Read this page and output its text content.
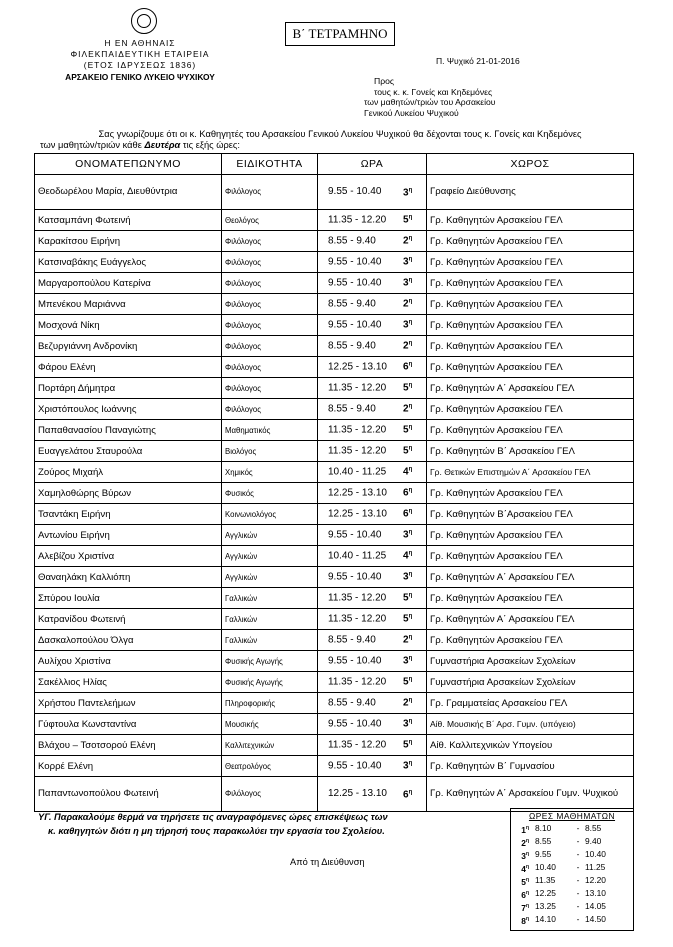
Η ΕΝ ΑΘΗΝΑΙΣ
ΦΙΛΕΚΠΑΙΔΕΥΤΙΚΗ ΕΤΑΙΡΕΙΑ
(ΕΤΟΣ ΙΔΡΥΣΕΩΣ 1836)
ΑΡΣΑΚΕΙΟ ΓΕΝΙΚΟ ΛΥΚΕΙΟ ΨΥΧΙΚΟΥ
Β΄ ΤΕΤΡΑΜΗΝΟ
Π. Ψυχικό 21-01-2016
Προς
τους κ. κ. Γονείς και Κηδεμόνες
των μαθητών/τριών του Αρσακείου
Γενικού Λυκείου Ψυχικού

Σας γνωρίζουμε ότι οι κ. Καθηγητές του Αρσακείου Γενικού Λυκείου Ψυχικού θα δέχονται τους κ. Γονείς και Κηδεμόνες

των μαθητών/τριών κάθε Δευτέρα τις εξής ώρες:

ΟΝΟΜΑΤΕΠΩΝΥΜΟ	ΕΙΔΙΚΟΤΗΤΑ	ΩΡΑ	ΧΩΡΟΣ
Θεοδωρέλου Μαρία, Διευθύντρια	Φιλόλογος	9.55 - 10.40 $3^\eta$	Γραφείο Διεύθυνσης
Κατσαμπάνη Φωτεινή	Θεολόγος	11.35 - 12.20 $5^\eta$	Γρ. Καθηγητών Αρσακείου ΓΕΛ
Καρακίτσου Ειρήνη	Φιλόλογος	8.55 - 9.40 $2^\eta$	Γρ. Καθηγητών Αρσακείου ΓΕΛ
Κατσιναβάκης Ευάγγελος	Φιλόλογος	9.55 - 10.40 $3^\eta$	Γρ. Καθηγητών Αρσακείου ΓΕΛ
Μαργαροπούλου Κατερίνα	Φιλόλογος	9.55 - 10.40 $3^\eta$	Γρ. Καθηγητών Αρσακείου ΓΕΛ
Μπενέκου Μαριάννα	Φιλόλογος	8.55 - 9.40 $2^\eta$	Γρ. Καθηγητών Αρσακείου ΓΕΛ
Μοσχονά Νίκη	Φιλόλογος	9.55 - 10.40 $3^\eta$	Γρ. Καθηγητών Αρσακείου ΓΕΛ
Βεζυργιάννη Ανδρονίκη	Φιλόλογος	8.55 - 9.40 $2^\eta$	Γρ. Καθηγητών Αρσακείου ΓΕΛ
Φάρου Ελένη	Φιλόλογος	12.25 - 13.10 $6^\eta$	Γρ. Καθηγητών Αρσακείου ΓΕΛ
Πορτάρη Δήμητρα	Φιλόλογος	11.35 - 12.20 $5^\eta$	Γρ. Καθηγητών Α΄ Αρσακείου ΓΕΛ
Χριστόπουλος Ιωάννης	Φιλόλογος	8.55 - 9.40 $2^\eta$	Γρ. Καθηγητών Αρσακείου ΓΕΛ
Παπαθανασίου Παναγιώτης	Μαθηματικός	11.35 - 12.20 $5^\eta$	Γρ. Καθηγητών Αρσακείου ΓΕΛ
Ευαγγελάτου Σταυρούλα	Βιολόγος	11.35 - 12.20 $5^\eta$	Γρ. Καθηγητών Β΄ Αρσακείου ΓΕΛ
Ζούρος Μιχαήλ	Χημικός	10.40 - 11.25 $4^\eta$	Γρ. Θετικών Επιστημών Α΄ Αρσακείου ΓΕΛ
Χαμηλοθώρης Βύρων	Φυσικός	12.25 - 13.10 $6^\eta$	Γρ. Καθηγητών Αρσακείου ΓΕΛ
Τσαντάκη Ειρήνη	Κοινωνιολόγος	12.25 - 13.10 $6^\eta$	Γρ. Καθηγητών Β΄Αρσακείου ΓΕΛ
Αντωνίου Ειρήνη	Αγγλικών	9.55 - 10.40 $3^\eta$	Γρ. Καθηγητών Αρσακείου ΓΕΛ
Αλεβίζου Χριστίνα	Αγγλικών	10.40 - 11.25 $4^\eta$	Γρ. Καθηγητών Αρσακείου ΓΕΛ
Θαναηλάκη Καλλιόπη	Αγγλικών	9.55 - 10.40 $3^\eta$	Γρ. Καθηγητών Α΄ Αρσακείου ΓΕΛ
Σπύρου Ιουλία	Γαλλικών	11.35 - 12.20 $5^\eta$	Γρ. Καθηγητών Αρσακείου ΓΕΛ
Κατρανίδου Φωτεινή	Γαλλικών	11.35 - 12.20 $5^\eta$	Γρ. Καθηγητών Α΄ Αρσακείου ΓΕΛ
Δασκαλοπούλου Όλγα	Γαλλικών	8.55 - 9.40 $2^\eta$	Γρ. Καθηγητών Αρσακείου ΓΕΛ
Αυλίχου Χριστίνα	Φυσικής Αγωγής	9.55 - 10.40 $3^\eta$	Γυμναστήρια Αρσακείων Σχολείων
Σακέλλιος Ηλίας	Φυσικής Αγωγής	11.35 - 12.20 $5^\eta$	Γυμναστήρια Αρσακείων Σχολείων
Χρήστου Παντελεήμων	Πληροφορικής	8.55 - 9.40 $2^\eta$	Γρ. Γραμματείας Αρσακείου ΓΕΛ
Γύφτουλα Κωνσταντίνα	Μουσικής	9.55 - 10.40 $3^\eta$	Αίθ. Μουσικής Β΄ Αρσ. Γυμν. (υπόγειο)
Βλάχου – Τσοτσορού Ελένη	Καλλιτεχνικών	11.35 - 12.20 $5^\eta$	Αίθ. Καλλιτεχνικών Υπογείου
Κορρέ Ελένη	Θεατρολόγος	9.55 - 10.40 $3^\eta$	Γρ. Καθηγητών Β΄ Γυμνασίου
Παπαντωνοπούλου Φωτεινή	Φιλόλογος	12.25 - 13.10 $6^\eta$	Γρ. Καθηγητών Α΄ Αρσακείου Γυμν. Ψυχικού
ΥΓ. Παρακαλούμε θερμά να τηρήσετε τις αναγραφόμενες ώρες επισκέψεως των
κ. καθηγητών διότι η μη τήρησή τους παρακωλύει την εργασία του Σχολείου.
Από τη Διεύθυνση
ΩΡΕΣ ΜΑΘΗΜΑΤΩΝ
$1^\eta$ 8.10	- 8.55
$2^\eta$ 8.55	- 9.40
$3^\eta$ 9.55	- 10.40
$4^\eta$ 10.40	- 11.25
$5^\eta$ 11.35	- 12.20
$6^\eta$ 12.25	- 13.10
$7^\eta$ 13.25	- 14.05
$8^\eta$ 14.10	- 14.50
